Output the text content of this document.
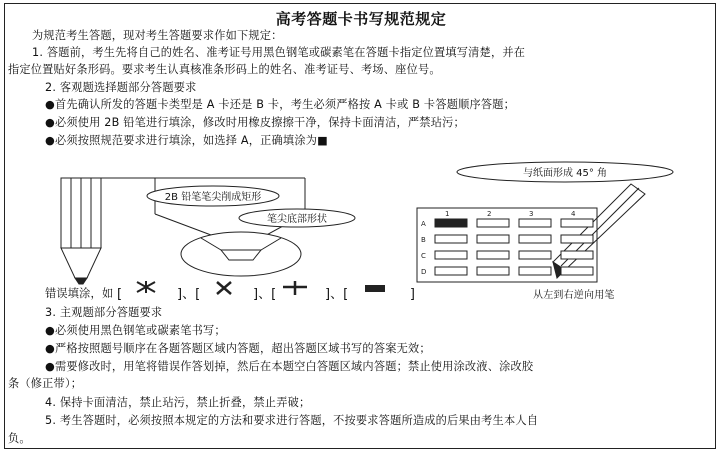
高考答题卡书写规范规定
为规范考生答题，现对考生答题要求作如下规定：
1. 答题前，考生先将自己的姓名、准考证号用黑色钢笔或碳素笔在答题卡指定位置填写清楚，并在
指定位置贴好条形码。要求考生认真核准条形码上的姓名、准考证号、考场、座位号。
2. 客观题选择题部分答题要求
●首先确认所发的答题卡类型是 A 卡还是 B 卡，考生必须严格按 A 卡或 B 卡答题顺序答题；
●必须使用 2B 铅笔进行填涂，修改时用橡皮擦擦干净，保持卡面清洁，严禁玷污；
●必须按照规范要求进行填涂，如选择 A，正确填涂为■
2B 铅笔笔尖削成矩形
笔尖底部形状
与纸面形成 45° 角
A
B
C
D
1	2	3	4
从左到右逆向用笔
错误填涂，如 [	]、[	]、[	]、[	]
3. 主观题部分答题要求
●必须使用黑色钢笔或碳素笔书写；
●严格按照题号顺序在各题答题区域内答题，超出答题区域书写的答案无效；
●需要修改时，用笔将错误作答划掉，然后在本题空白答题区域内答题；禁止使用涂改液、涂改胶
条（修正带）；
4. 保持卡面清洁，禁止玷污，禁止折叠，禁止弄破；
5. 考生答题时，必须按照本规定的方法和要求进行答题，不按要求答题所造成的后果由考生本人自
负。
